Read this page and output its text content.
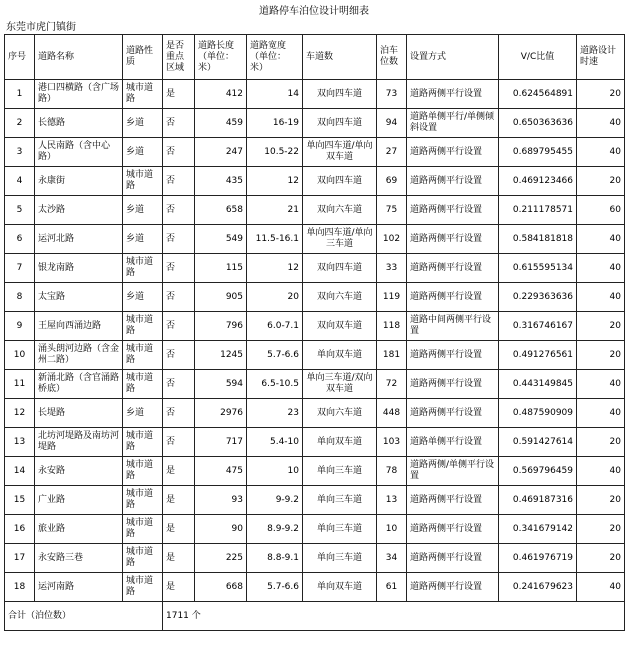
道路停车泊位设计明细表
东莞市虎门镇街
序号	道路名称	道路性质	是否重点区域	道路长度（单位：米）	道路宽度（单位：米）	车道数	泊车位数	设置方式	V/C比值	道路设计时速
1	港口四横路（含广场路）	城市道路	是	412	14	双向四车道	73	道路两侧平行设置	0.624564891	20
2	长德路	乡道	否	459	16-19	双向四车道	94	道路单侧平行/单侧倾斜设置	0.650363636	40
3	人民南路（含中心路）	乡道	否	247	10.5-22	单向四车道/单向双车道	27	道路两侧平行设置	0.689795455	40
4	永康街	城市道路	否	435	12	双向四车道	69	道路两侧平行设置	0.469123466	20
5	太沙路	乡道	否	658	21	双向六车道	75	道路两侧平行设置	0.211178571	60
6	运河北路	乡道	否	549	11.5-16.1	单向四车道/单向三车道	102	道路两侧平行设置	0.584181818	40
7	银龙南路	城市道路	否	115	12	双向四车道	33	道路两侧平行设置	0.615595134	40
8	太宝路	乡道	否	905	20	双向六车道	119	道路两侧平行设置	0.229363636	40
9	王屋向西涌边路	城市道路	否	796	6.0-7.1	双向双车道	118	道路中间两侧平行设置	0.316746167	20
10	涌头朗河边路（含金州二路）	城市道路	否	1245	5.7-6.6	单向双车道	181	道路两侧平行设置	0.491276561	20
11	新涌北路（含官涌路桥底）	城市道路	否	594	6.5-10.5	单向三车道/双向双车道	72	道路两侧平行设置	0.443149845	40
12	长堤路	乡道	否	2976	23	双向六车道	448	道路两侧平行设置	0.487590909	40
13	北坊河堤路及南坊河堤路	城市道路	否	717	5.4-10	单向双车道	103	道路单侧平行设置	0.591427614	20
14	永安路	城市道路	是	475	10	单向三车道	78	道路两侧/单侧平行设置	0.569796459	40
15	广业路	城市道路	是	93	9-9.2	单向三车道	13	道路两侧平行设置	0.469187316	20
16	旅业路	城市道路	是	90	8.9-9.2	单向三车道	10	道路两侧平行设置	0.341679142	20
17	永安路三巷	城市道路	是	225	8.8-9.1	单向三车道	34	道路两侧平行设置	0.461976719	20
18	运河南路	城市道路	是	668	5.7-6.6	单向双车道	61	道路两侧平行设置	0.241679623	40
合计（泊位数）			1711 个							
